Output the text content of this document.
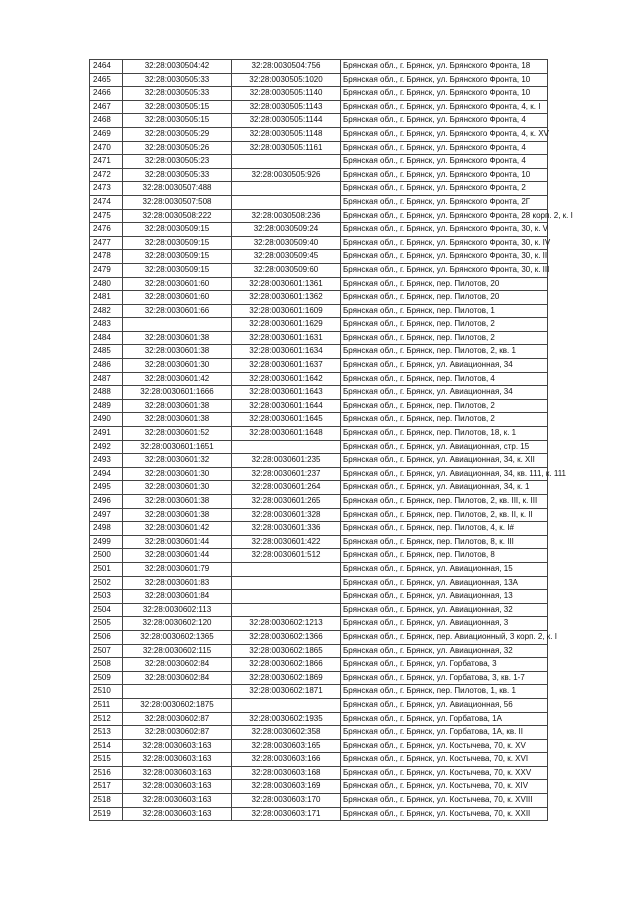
2464	32:28:0030504:42	32:28:0030504:756	Брянская обл., г. Брянск, ул. Брянского Фронта, 18
2465	32:28:0030505:33	32:28:0030505:1020	Брянская обл., г. Брянск, ул. Брянского Фронта, 10
2466	32:28:0030505:33	32:28:0030505:1140	Брянская обл., г. Брянск, ул. Брянского Фронта, 10
2467	32:28:0030505:15	32:28:0030505:1143	Брянская обл., г. Брянск, ул. Брянского Фронта, 4, к. I
2468	32:28:0030505:15	32:28:0030505:1144	Брянская обл., г. Брянск, ул. Брянского Фронта, 4
2469	32:28:0030505:29	32:28:0030505:1148	Брянская обл., г. Брянск, ул. Брянского Фронта, 4, к. XV
2470	32:28:0030505:26	32:28:0030505:1161	Брянская обл., г. Брянск, ул. Брянского Фронта, 4
2471	32:28:0030505:23		Брянская обл., г. Брянск, ул. Брянского Фронта, 4
2472	32:28:0030505:33	32:28:0030505:926	Брянская обл., г. Брянск, ул. Брянского Фронта, 10
2473	32:28:0030507:488		Брянская обл., г. Брянск, ул. Брянского Фронта, 2
2474	32:28:0030507:508		Брянская обл., г. Брянск, ул. Брянского Фронта, 2Г
2475	32:28:0030508:222	32:28:0030508:236	Брянская обл., г. Брянск, ул. Брянского Фронта, 28 корп. 2, к. I
2476	32:28:0030509:15	32:28:0030509:24	Брянская обл., г. Брянск, ул. Брянского Фронта, 30, к. V
2477	32:28:0030509:15	32:28:0030509:40	Брянская обл., г. Брянск, ул. Брянского Фронта, 30, к. IV
2478	32:28:0030509:15	32:28:0030509:45	Брянская обл., г. Брянск, ул. Брянского Фронта, 30, к. II
2479	32:28:0030509:15	32:28:0030509:60	Брянская обл., г. Брянск, ул. Брянского Фронта, 30, к. III
2480	32:28:0030601:60	32:28:0030601:1361	Брянская обл., г. Брянск, пер. Пилотов, 20
2481	32:28:0030601:60	32:28:0030601:1362	Брянская обл., г. Брянск, пер. Пилотов, 20
2482	32:28:0030601:66	32:28:0030601:1609	Брянская обл., г. Брянск, пер. Пилотов, 1
2483		32:28:0030601:1629	Брянская обл., г. Брянск, пер. Пилотов, 2
2484	32:28:0030601:38	32:28:0030601:1631	Брянская обл., г. Брянск, пер. Пилотов, 2
2485	32:28:0030601:38	32:28:0030601:1634	Брянская обл., г. Брянск, пер. Пилотов, 2, кв. 1
2486	32:28:0030601:30	32:28:0030601:1637	Брянская обл., г. Брянск, ул. Авиационная, 34
2487	32:28:0030601:42	32:28:0030601:1642	Брянская обл., г. Брянск, пер. Пилотов, 4
2488	32:28:0030601:1666	32:28:0030601:1643	Брянская обл., г. Брянск, ул. Авиационная, 34
2489	32:28:0030601:38	32:28:0030601:1644	Брянская обл., г. Брянск, пер. Пилотов, 2
2490	32:28:0030601:38	32:28:0030601:1645	Брянская обл., г. Брянск, пер. Пилотов, 2
2491	32:28:0030601:52	32:28:0030601:1648	Брянская обл., г. Брянск, пер. Пилотов, 18, к. 1
2492	32:28:0030601:1651		Брянская обл., г. Брянск, ул. Авиационная, стр. 15
2493	32:28:0030601:32	32:28:0030601:235	Брянская обл., г. Брянск, ул. Авиационная, 34, к. XII
2494	32:28:0030601:30	32:28:0030601:237	Брянская обл., г. Брянск, ул. Авиационная, 34, кв. 111, к. 111
2495	32:28:0030601:30	32:28:0030601:264	Брянская обл., г. Брянск, ул. Авиационная, 34, к. 1
2496	32:28:0030601:38	32:28:0030601:265	Брянская обл., г. Брянск, пер. Пилотов, 2, кв. III, к. III
2497	32:28:0030601:38	32:28:0030601:328	Брянская обл., г. Брянск, пер. Пилотов, 2, кв. II, к. II
2498	32:28:0030601:42	32:28:0030601:336	Брянская обл., г. Брянск, пер. Пилотов, 4, к. I#
2499	32:28:0030601:44	32:28:0030601:422	Брянская обл., г. Брянск, пер. Пилотов, 8, к. III
2500	32:28:0030601:44	32:28:0030601:512	Брянская обл., г. Брянск, пер. Пилотов, 8
2501	32:28:0030601:79		Брянская обл., г. Брянск, ул. Авиационная, 15
2502	32:28:0030601:83		Брянская обл., г. Брянск, ул. Авиационная, 13А
2503	32:28:0030601:84		Брянская обл., г. Брянск, ул. Авиационная, 13
2504	32:28:0030602:113		Брянская обл., г. Брянск, ул. Авиационная, 32
2505	32:28:0030602:120	32:28:0030602:1213	Брянская обл., г. Брянск, ул. Авиационная, 3
2506	32:28:0030602:1365	32:28:0030602:1366	Брянская обл., г. Брянск, пер. Авиационный, 3 корп. 2, к. I
2507	32:28:0030602:115	32:28:0030602:1865	Брянская обл., г. Брянск, ул. Авиационная, 32
2508	32:28:0030602:84	32:28:0030602:1866	Брянская обл., г. Брянск, ул. Горбатова, 3
2509	32:28:0030602:84	32:28:0030602:1869	Брянская обл., г. Брянск, ул. Горбатова, 3, кв. 1-7
2510		32:28:0030602:1871	Брянская обл., г. Брянск, пер. Пилотов, 1, кв. 1
2511	32:28:0030602:1875		Брянская обл., г. Брянск, ул. Авиационная, 56
2512	32:28:0030602:87	32:28:0030602:1935	Брянская обл., г. Брянск, ул. Горбатова, 1А
2513	32:28:0030602:87	32:28:0030602:358	Брянская обл., г. Брянск, ул. Горбатова, 1А, кв. II
2514	32:28:0030603:163	32:28:0030603:165	Брянская обл., г. Брянск, ул. Костычева, 70, к. XV
2515	32:28:0030603:163	32:28:0030603:166	Брянская обл., г. Брянск, ул. Костычева, 70, к. XVI
2516	32:28:0030603:163	32:28:0030603:168	Брянская обл., г. Брянск, ул. Костычева, 70, к. XXV
2517	32:28:0030603:163	32:28:0030603:169	Брянская обл., г. Брянск, ул. Костычева, 70, к. XIV
2518	32:28:0030603:163	32:28:0030603:170	Брянская обл., г. Брянск, ул. Костычева, 70, к. XVIII
2519	32:28:0030603:163	32:28:0030603:171	Брянская обл., г. Брянск, ул. Костычева, 70, к. XXII
